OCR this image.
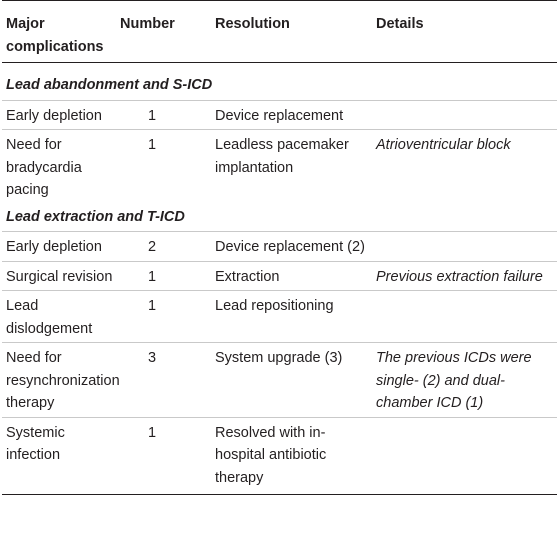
Major complications	Number	Resolution	Details
Lead abandonment and S-ICD			
Early depletion	1	Device replacement	
Need for bradycardia pacing	1	Leadless pacemaker implantation	Atrioventricular block
Lead extraction and T-ICD			
Early depletion	2	Device replacement (2)	
Surgical revision	1	Extraction	Previous extraction failure
Lead dislodgement	1	Lead repositioning	
Need for resynchronization therapy	3	System upgrade (3)	The previous ICDs were single- (2) and dual-chamber ICD (1)
Systemic infection	1	Resolved with in-hospital antibiotic therapy	
